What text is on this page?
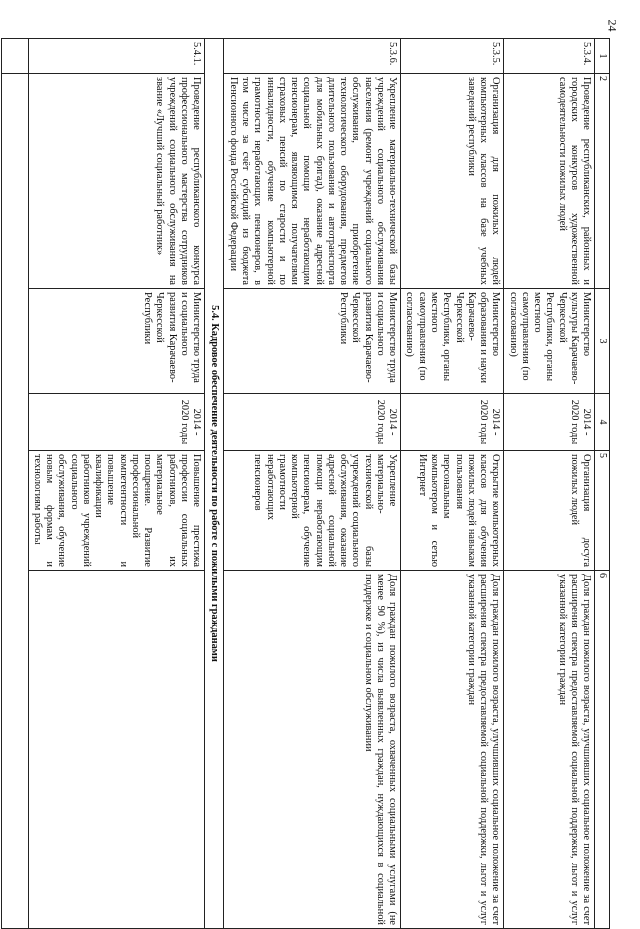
24
1	2	3	4	5	6
5.3.4.	Проведение республиканских, районных и городских конкурсов художественной самодеятельности пожилых людей	Министерство культуры Карачаево-Черкесской Республики, органы местного самоуправления (по согласованию)	2014 - 2020 годы	Организация досуга пожилых людей	Доля граждан пожилого возраста, улучшивших социальное положение за счет расширения спектра предоставляемой социальной поддержки, льгот и услуг указанной категории граждан
5.3.5.	Организация для пожилых людей компьютерных классов на базе учебных заведений республики	Министерство образования и науки Карачаево-Черкесской Республики, органы местного самоуправления (по согласованию)	2014 - 2020 годы	Открытие компьютерных классов для обучения пожилых людей навыкам пользования персональным компьютером и сетью Интернет	Доля граждан пожилого возраста, улучшивших социальное положение за счет расширения спектра предоставляемой социальной поддержки, льгот и услуг указанной категории граждан
5.3.6.	Укрепление материально-технической базы учреждений социального обслуживания населения (ремонт учреждений социального обслуживания, приобретение технологического оборудования, предметов длительного пользования и автотранспорта для мобильных бригад), оказание адресной социальной помощи неработающим пенсионерам, являющимся получателями страховых пенсий по старости и по инвалидности, обучение компьютерной грамотности неработающих пенсионеров, в том числе за счёт субсидий из бюджета Пенсионного фонда Российской Федерации	Министерство труда и социального развития Карачаево-Черкесской Республики	2014 - 2020 годы	Укрепление материально-технической базы учреждений социального обслуживания, оказание адресной социальной помощи неработающим пенсионерам, обучение компьютерной грамотности неработающих пенсионеров	Доля граждан пожилого возраста, охваченных социальными услугами (не менее 90 %), из числа выявленных граждан, нуждающихся в социальной поддержке и социальном обслуживании
5.4. Кадровое обеспечение деятельности по работе с пожилыми гражданами					
5.4.1.	Проведение республиканского конкурса профессионального мастерства сотрудников учреждений социального обслуживания на звание «Лучший социальный работник»	Министерство труда и социального развития Карачаево-Черкесской Республики	2014 - 2020 годы	Повышение престижа профессии социальных работников, их материальное поощрение. Развитие профессиональной компетентности и повышение квалификации работников учреждений социального обслуживания, обучение новым формам и технологиям работы	
